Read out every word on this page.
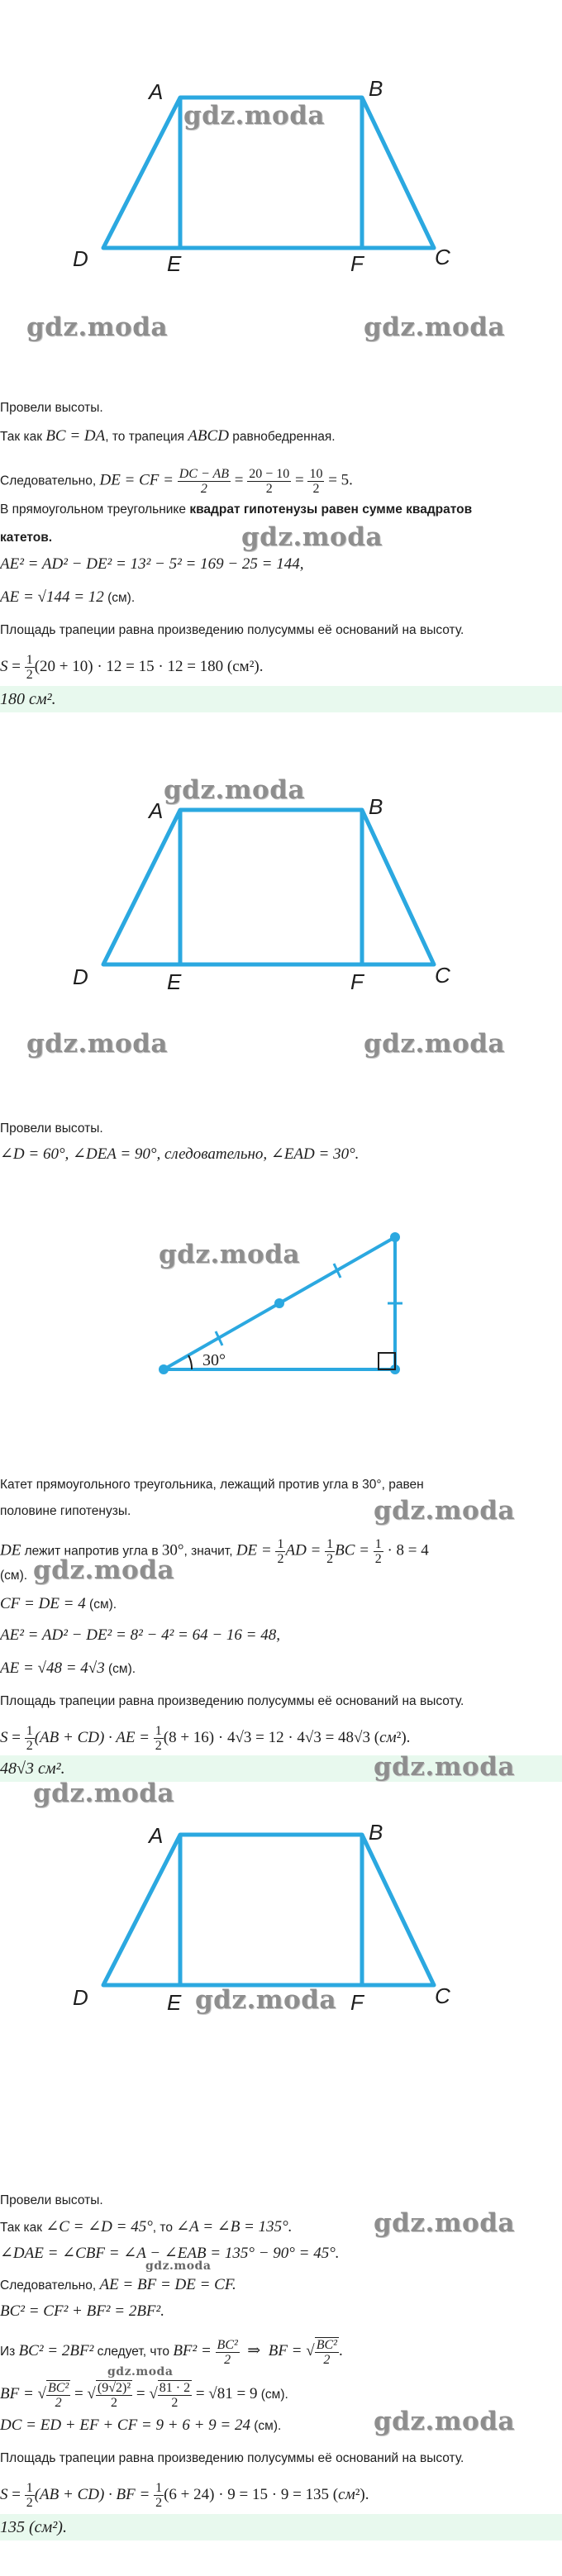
A	B
D	E	F	C
gdz.moda
gdz.moda	gdz.moda
Провели высоты.
Так как BC = DA, то трапеция ABCD равнобедренная.
Следовательно, DE = CF = $\frac{DC - AB}{2} = \frac{20 - 10}{2} = \frac{10}{2} = 5$.
В прямоугольном треугольнике квадрат гипотенузы равен сумме квадратов
катетов.	gdz.moda
AE² = AD² − DE² = 13² − 5² = 169 − 25 = 144,
AE = √144 = 12 (см).
Площадь трапеции равна произведению полусуммы её оснований на высоту.
$S = \frac{1}{2} (20 + 10) \cdot 12 = 15 \cdot 12 = 180$ (см²).
180 см².
A	B
D	E	F	C
gdz.moda
gdz.moda	gdz.moda
Провели высоты.
∠D = 60°, ∠DEA = 90°, следовательно, ∠EAD = 30°.
30°
gdz.moda
Катет прямоугольного треугольника, лежащий против угла в 30°, равен
половине гипотенузы.	gdz.moda
DE лежит напротив угла в 30°, значит, DE = $\frac{1}{2}$ AD = $\frac{1}{2}$ BC = $\frac{1}{2} \cdot 8 = 4$
(см). gdz.moda
CF = DE = 4 (см).
AE² = AD² − DE² = 8² − 4² = 64 − 16 = 48,
AE = √48 = 4√3 (см).
Площадь трапеции равна произведению полусуммы её оснований на высоту.
$S = \frac{1}{2} (AB + CD)$ · AE = $\frac{1}{2} (8 + 16) \cdot 4√3 = 12 \cdot 4√3 = 48√3$ (см²).
48√3 см².	gdz.moda
gdz.moda
A	B
D	E	F	C
gdz.moda
Провели высоты.
Так как ∠C = ∠D = 45°, то ∠A = ∠B = 135°.	gdz.moda
∠DAE = ∠CBF = ∠A − ∠EAB = 135° − 90° = 45°.
gdz.moda
Следовательно, AE = BF = DE = CF.
BC² = CF² + BF² = 2BF².
Из BC² = 2BF² следует, что $BF^2 = \frac{\text{BC²}}{2}$ ⇒  BF = √ $\frac{\text{BC²}}{2}$ .
gdz.moda
BF = √ $\frac{\text{BC²}}{2}$ = √ $\frac{\text{(9√2)²}}{2}$ = √ $\frac{81 \cdot 2}{2} = √81 = 9$ (см).
DC = ED + EF + CF = 9 + 6 + 9 = 24 (см).	gdz.moda
Площадь трапеции равна произведению полусуммы её оснований на высоту.
$S = \frac{1}{2} (AB + CD)$ · BF = $\frac{1}{2} (6 + 24) \cdot 9 = 15 \cdot 9 = 135$ (см²).
135 (см²).
